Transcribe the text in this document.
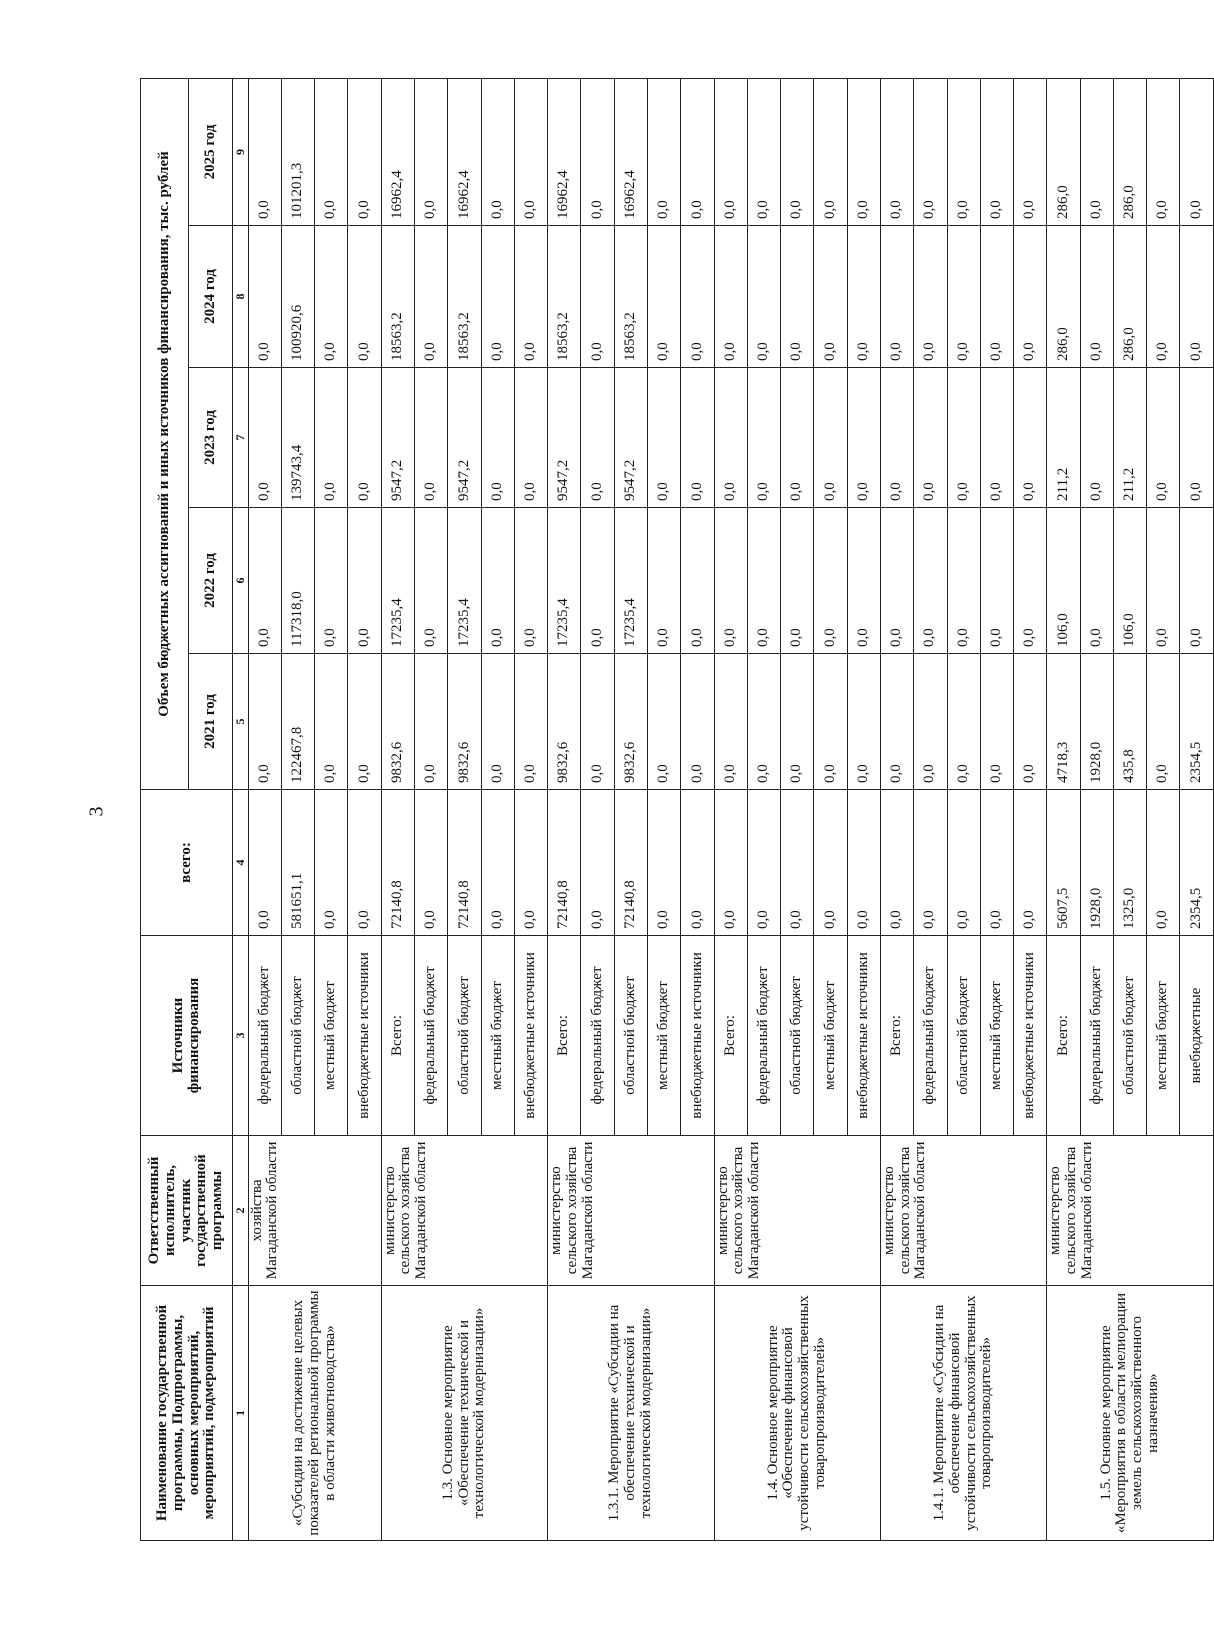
3
Наименование государственной программы, Подпрограммы, основных мероприятий, мероприятий, подмероприятий	Ответственный исполнитель, участник государственной программы	Источники финансирования	всего:	Объем бюджетных ассигнований и иных источников финансирования, тыс. рублей				
				2021 год	2022 год	2023 год	2024 год	2025 год
1	2	3	4	5	6	7	8	9
«Субсидии на достижение целевых показателей региональной программы в области животноводства»	хозяйства Магаданской области	федеральный бюджет	0,0	0,0	0,0	0,0	0,0	0,0
		областной бюджет	581651,1	122467,8	117318,0	139743,4	100920,6	101201,3
		местный бюджет	0,0	0,0	0,0	0,0	0,0	0,0
		внебюджетные источники	0,0	0,0	0,0	0,0	0,0	0,0
1.3. Основное мероприятие «Обеспечение технической и технологической модернизации»	министерство сельского хозяйства Магаданской области	Всего:	72140,8	9832,6	17235,4	9547,2	18563,2	16962,4
		федеральный бюджет	0,0	0,0	0,0	0,0	0,0	0,0
		областной бюджет	72140,8	9832,6	17235,4	9547,2	18563,2	16962,4
		местный бюджет	0,0	0,0	0,0	0,0	0,0	0,0
		внебюджетные источники	0,0	0,0	0,0	0,0	0,0	0,0
1.3.1. Мероприятие «Субсидии на обеспечение технической и технологической модернизации»	министерство сельского хозяйства Магаданской области	Всего:	72140,8	9832,6	17235,4	9547,2	18563,2	16962,4
		федеральный бюджет	0,0	0,0	0,0	0,0	0,0	0,0
		областной бюджет	72140,8	9832,6	17235,4	9547,2	18563,2	16962,4
		местный бюджет	0,0	0,0	0,0	0,0	0,0	0,0
		внебюджетные источники	0,0	0,0	0,0	0,0	0,0	0,0
1.4. Основное мероприятие «Обеспечение финансовой устойчивости сельскохозяйственных товаропроизводителей»	министерство сельского хозяйства Магаданской области	Всего:	0,0	0,0	0,0	0,0	0,0	0,0
		федеральный бюджет	0,0	0,0	0,0	0,0	0,0	0,0
		областной бюджет	0,0	0,0	0,0	0,0	0,0	0,0
		местный бюджет	0,0	0,0	0,0	0,0	0,0	0,0
		внебюджетные источники	0,0	0,0	0,0	0,0	0,0	0,0
1.4.1. Мероприятие «Субсидии на обеспечение финансовой устойчивости сельскохозяйственных товаропроизводителей»	министерство сельского хозяйства Магаданской области	Всего:	0,0	0,0	0,0	0,0	0,0	0,0
		федеральный бюджет	0,0	0,0	0,0	0,0	0,0	0,0
		областной бюджет	0,0	0,0	0,0	0,0	0,0	0,0
		местный бюджет	0,0	0,0	0,0	0,0	0,0	0,0
		внебюджетные источники	0,0	0,0	0,0	0,0	0,0	0,0
1.5. Основное мероприятие «Мероприятия в области мелиорации земель сельскохозяйственного назначения»	министерство сельского хозяйства Магаданской области	Всего:	5607,5	4718,3	106,0	211,2	286,0	286,0
		федеральный бюджет	1928,0	1928,0	0,0	0,0	0,0	0,0
		областной бюджет	1325,0	435,8	106,0	211,2	286,0	286,0
		местный бюджет	0,0	0,0	0,0	0,0	0,0	0,0
		внебюджетные	2354,5	2354,5	0,0	0,0	0,0	0,0
